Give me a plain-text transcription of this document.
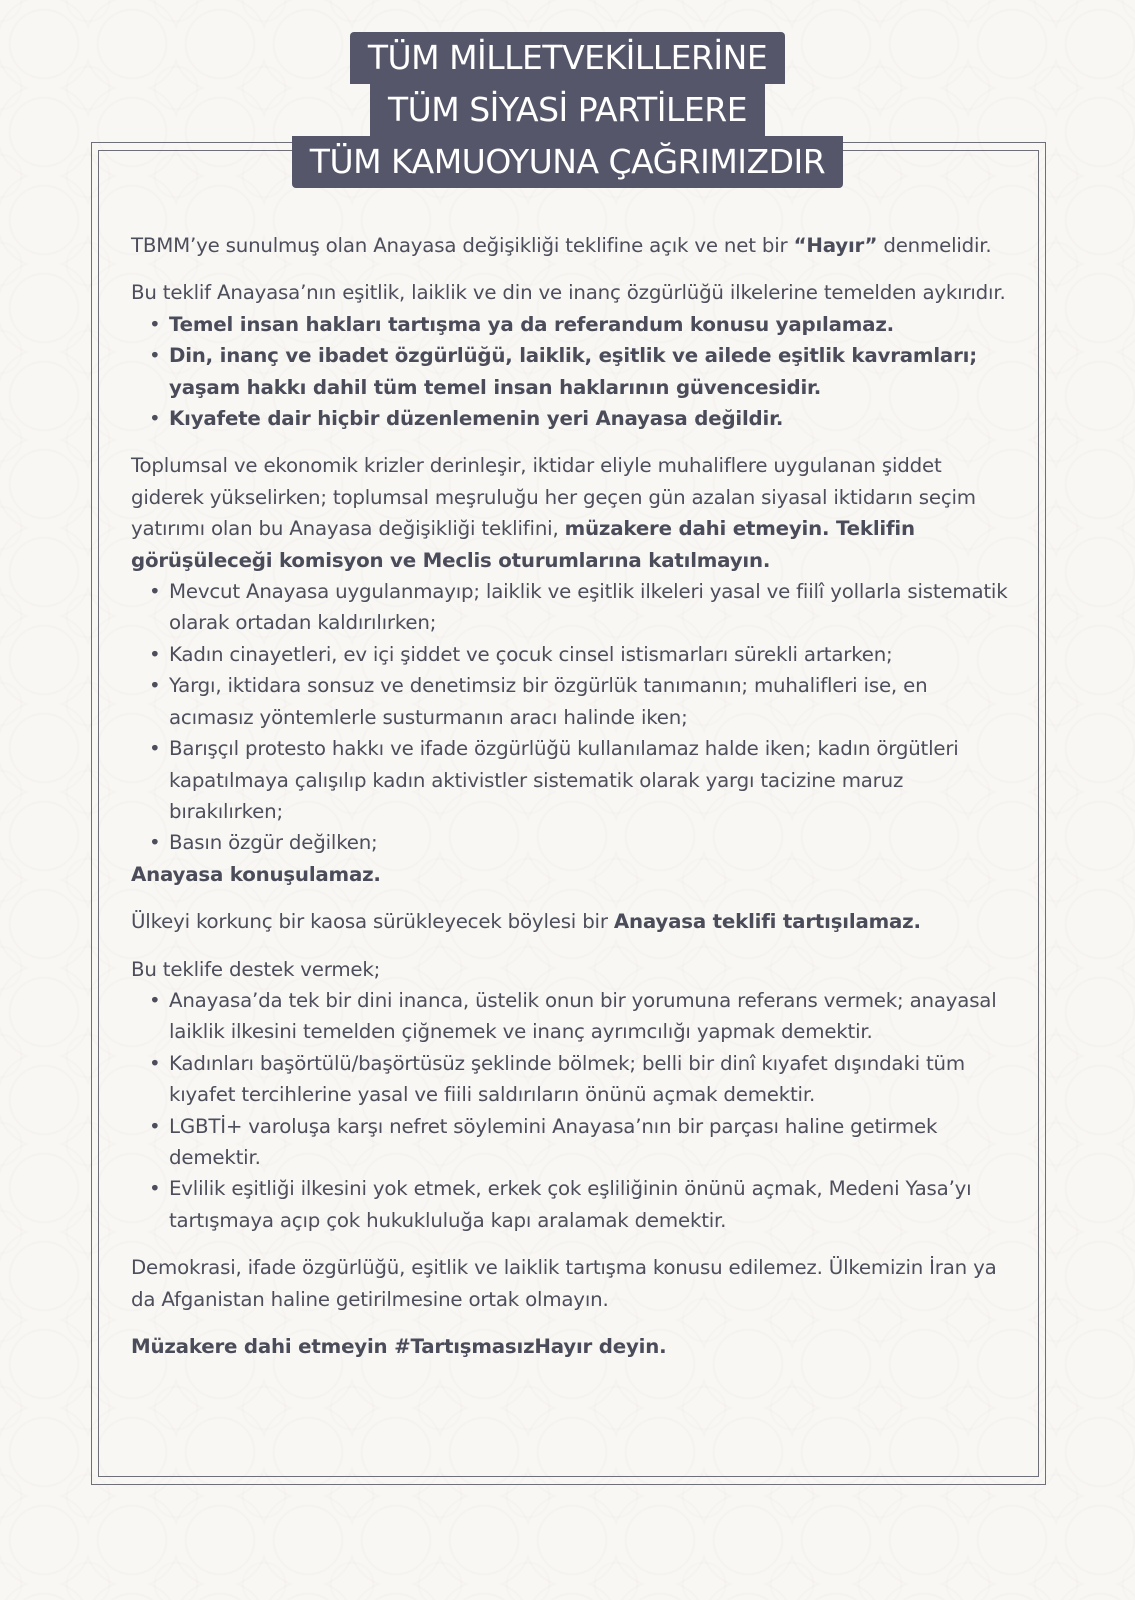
TÜM MİLLETVEKİLLERİNE
TÜM SİYASİ PARTİLERE
TÜM KAMUOYUNA ÇAĞRIMIZDIR

TBMM’ye sunulmuş olan Anayasa değişikliği teklifine açık ve net bir “Hayır” denmelidir.

Bu teklif Anayasa’nın eşitlik, laiklik ve din ve inanç özgürlüğü ilkelerine temelden aykırıdır.

• Temel insan hakları tartışma ya da referandum konusu yapılamaz.
• Din, inanç ve ibadet özgürlüğü, laiklik, eşitlik ve ailede eşitlik kavramları; yaşam hakkı dahil tüm temel insan haklarının güvencesidir.
• Kıyafete dair hiçbir düzenlemenin yeri Anayasa değildir.

Toplumsal ve ekonomik krizler derinleşir, iktidar eliyle muhaliflere uygulanan şiddet giderek yükselirken; toplumsal meşruluğu her geçen gün azalan siyasal iktidarın seçim yatırımı olan bu Anayasa değişikliği teklifini, müzakere dahi etmeyin. Teklifin görüşüleceği komisyon ve Meclis oturumlarına katılmayın.

• Mevcut Anayasa uygulanmayıp; laiklik ve eşitlik ilkeleri yasal ve fiilî yollarla sistematik olarak ortadan kaldırılırken;
• Kadın cinayetleri, ev içi şiddet ve çocuk cinsel istismarları sürekli artarken;
• Yargı, iktidara sonsuz ve denetimsiz bir özgürlük tanımanın; muhalifleri ise, en acımasız yöntemlerle susturmanın aracı halinde iken;
• Barışçıl protesto hakkı ve ifade özgürlüğü kullanılamaz halde iken; kadın örgütleri kapatılmaya çalışılıp kadın aktivistler sistematik olarak yargı tacizine maruz bırakılırken;
• Basın özgür değilken;

Anayasa konuşulamaz.

Ülkeyi korkunç bir kaosa sürükleyecek böylesi bir Anayasa teklifi tartışılamaz.

Bu teklife destek vermek;

• Anayasa’da tek bir dini inanca, üstelik onun bir yorumuna referans vermek; anayasal laiklik ilkesini temelden çiğnemek ve inanç ayrımcılığı yapmak demektir.
• Kadınları başörtülü/başörtüsüz şeklinde bölmek; belli bir dinî kıyafet dışındaki tüm kıyafet tercihlerine yasal ve fiili saldırıların önünü açmak demektir.
• LGBTİ+ varoluşa karşı nefret söylemini Anayasa’nın bir parçası haline getirmek demektir.
• Evlilik eşitliği ilkesini yok etmek, erkek çok eşliliğinin önünü açmak, Medeni Yasa’yı tartışmaya açıp çok hukukluluğa kapı aralamak demektir.

Demokrasi, ifade özgürlüğü, eşitlik ve laiklik tartışma konusu edilemez. Ülkemizin İran ya da Afganistan haline getirilmesine ortak olmayın.

Müzakere dahi etmeyin #TartışmasızHayır deyin.
